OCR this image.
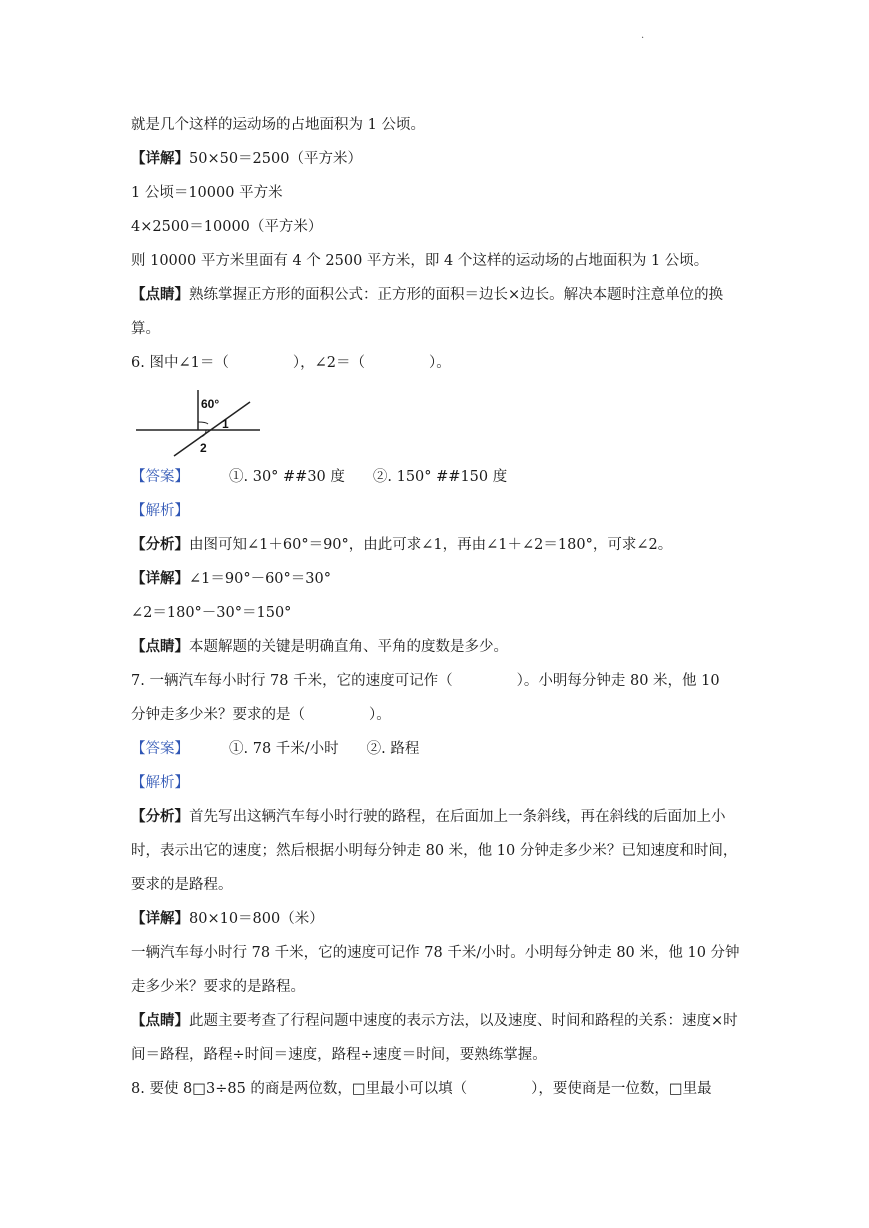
.

就是几个这样的运动场的占地面积为 1 公顷。

【详解】50×50＝2500（平方米）

1 公顷＝10000 平方米

4×2500＝10000（平方米）

则 10000 平方米里面有 4 个 2500 平方米，即 4 个这样的运动场的占地面积为 1 公顷。

【点睛】熟练掌握正方形的面积公式：正方形的面积＝边长×边长。解决本题时注意单位的换算。

6. 图中∠1＝（	），∠2＝（	）。

60°
1
2

【答案】	①. 30° ##30 度 ②. 150° ##150 度

【解析】

【分析】由图可知∠1＋60°＝90°，由此可求∠1，再由∠1＋∠2＝180°，可求∠2。

【详解】∠1＝90°－60°＝30°

∠2＝180°－30°＝150°

【点睛】本题解题的关键是明确直角、平角的度数是多少。

7. 一辆汽车每小时行 78 千米，它的速度可记作（	）。小明每分钟走 80 米，他 10

分钟走多少米？要求的是（	）。

【答案】	①. 78 千米/小时 ②. 路程

【解析】

【分析】首先写出这辆汽车每小时行驶的路程，在后面加上一条斜线，再在斜线的后面加上小时，表示出它的速度；然后根据小明每分钟走 80 米，他 10 分钟走多少米？已知速度和时间，要求的是路程。

【详解】80×10＝800（米）

一辆汽车每小时行 78 千米，它的速度可记作 78 千米/小时。小明每分钟走 80 米，他 10 分钟走多少米？要求的是路程。

【点睛】此题主要考查了行程问题中速度的表示方法，以及速度、时间和路程的关系：速度×时间＝路程，路程÷时间＝速度，路程÷速度＝时间，要熟练掌握。

8. 要使 8□3÷85 的商是两位数，□里最小可以填（	），要使商是一位数，□里最
